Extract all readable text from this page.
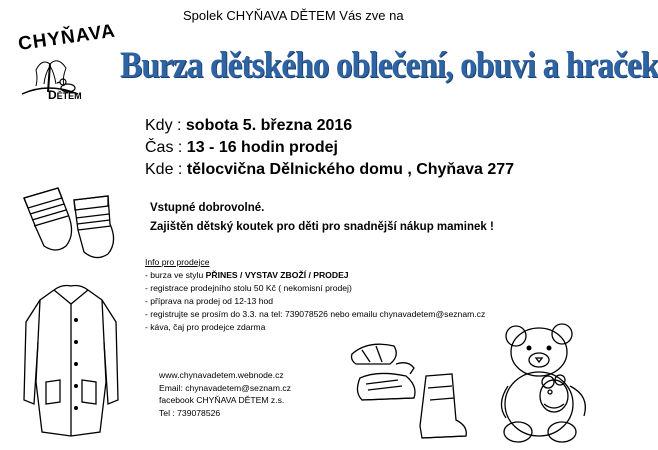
Spolek CHYŇAVA DĚTEM Vás zve na
CHYŇAVA
DĚTEM
Burza dětského oblečení, obuvi a hraček
Kdy : sobota 5. března 2016
Čas : 13 - 16 hodin prodej
Kde : tělocvična Dělnického domu , Chyňava 277
Vstupné dobrovolné.
Zajištěn dětský koutek pro děti pro snadnější nákup maminek !
Info pro prodejce
- burza ve stylu PŘINES / VYSTAV ZBOŽÍ / PRODEJ
- registrace prodejního stolu 50 Kč ( nekomisní prodej)
- příprava na prodej od 12-13 hod
- registrujte se prosím do 3.3. na tel: 739078526 nebo emailu chynavadetem@seznam.cz
- káva, čaj pro prodejce zdarma
www.chynavadetem.webnode.cz
Email: chynavadetem@seznam.cz
facebook CHYŇAVA DĚTEM z.s.
Tel : 739078526
